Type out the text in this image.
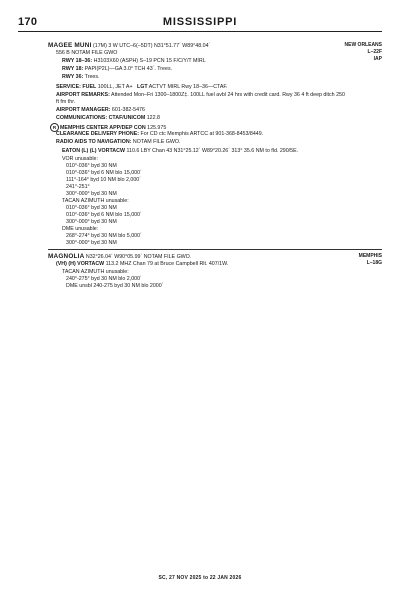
170	MISSISSIPPI
MAGEE MUNI (17M) 3 W UTC–6(–5DT) N31°51.77´ W89°48.04´
556 B NOTAM FILE GWO
RWY 18–36: H3103X60 (ASPH) S–19 PCN 15 F/C/Y/T MIRL
RWY 18: PAPI(P2L)—GA 3.0° TCH 43´. Trees.
RWY 36: Trees.
SERVICE: FUEL 100LL, JET A+ LGT ACTVT MIRL Rwy 18–36—CTAF.
AIRPORT REMARKS: Attended Mon–Fri 1300–1800Z‡. 100LL fuel avbl 24 hrs with credit card. Rwy 36 4 ft deep ditch 250 ft fm thr.
AIRPORT MANAGER: 601-382-5476
COMMUNICATIONS: CTAF/UNICOM 122.8
R MEMPHIS CENTER APP/DEP CON 125.975
CLEARANCE DELIVERY PHONE: For CD ctc Memphis ARTCC at 901-368-8453/8449.
RADIO AIDS TO NAVIGATION: NOTAM FILE GWO.
EATON (L) (L) VORTACW 110.6 LBY Chan 43 N31°25.12´ W89°20.26´ 313° 35.6 NM to fld. 290/5E.
VOR unusable:
010°-036° byd 30 NM
010°-036° byd 6 NM blo 15,000´
111°-164° byd 10 NM blo 2,000´
241°-251°
300°-000° byd 30 NM
TACAN AZIMUTH unusable:
010°-036° byd 30 NM
010°-036° byd 6 NM blo 15,000´
300°-000° byd 30 NM
DME unusable:
268°-274° byd 30 NM blo 5,000´
300°-000° byd 30 NM
NEW ORLEANS
L–22F
IAP
MAGNOLIA N32°26.04´ W90°05.99´ NOTAM FILE GWO.
(VH) (H) VORTACW 113.2 MHZ Chan 79 at Bruce Campbell Rlt. 407/1W.
TACAN AZIMUTH unusable:
240°-275° byd 30 NM blo 2,000´
DME unsbl 240-275 byd 30 NM blo 2000´
MEMPHIS
L–18G
SC, 27 NOV 2025 to 22 JAN 2026
